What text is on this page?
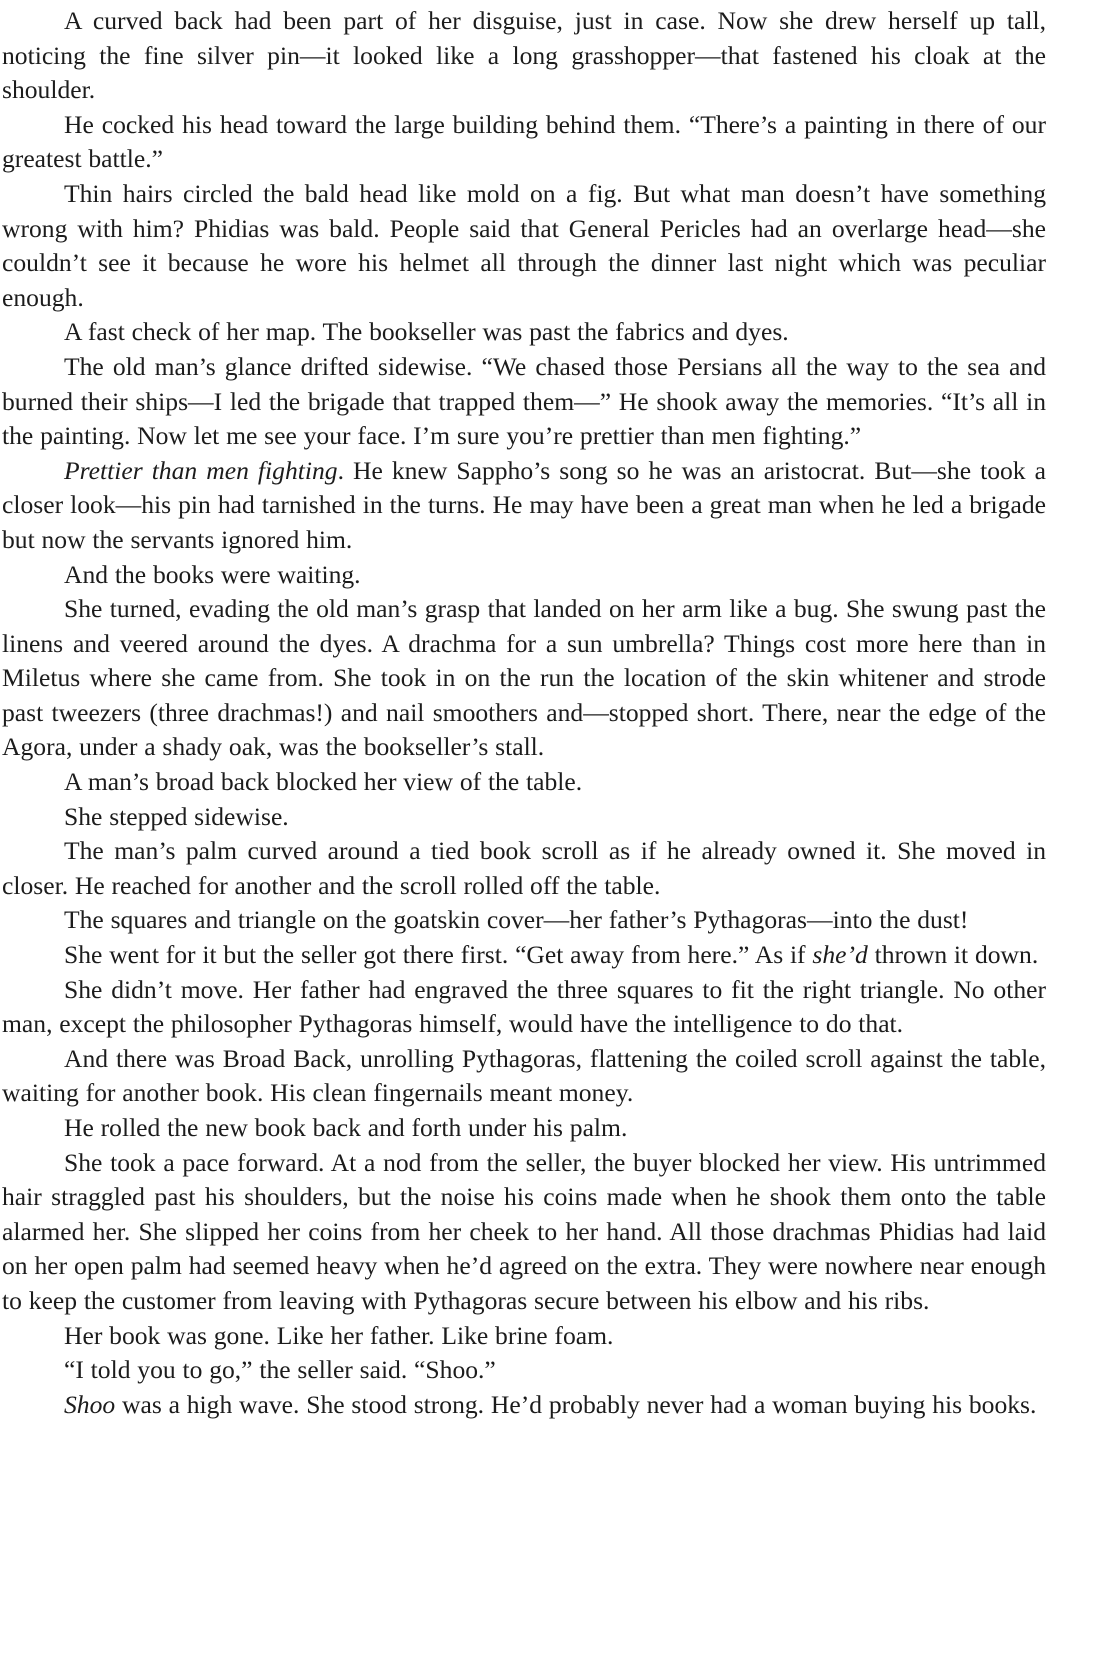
A curved back had been part of her disguise, just in case. Now she drew herself up tall, noticing the fine silver pin—it looked like a long grasshopper—that fastened his cloak at the shoulder.

He cocked his head toward the large building behind them. “There’s a painting in there of our greatest battle.”

Thin hairs circled the bald head like mold on a fig. But what man doesn’t have something wrong with him? Phidias was bald. People said that General Pericles had an overlarge head—she couldn’t see it because he wore his helmet all through the dinner last night which was peculiar enough.

A fast check of her map. The bookseller was past the fabrics and dyes.

The old man’s glance drifted sidewise. “We chased those Persians all the way to the sea and burned their ships—I led the brigade that trapped them—” He shook away the memories. “It’s all in the painting. Now let me see your face. I’m sure you’re prettier than men fighting.”

Prettier than men fighting. He knew Sappho’s song so he was an aristocrat. But—she took a closer look—his pin had tarnished in the turns. He may have been a great man when he led a brigade but now the servants ignored him.

And the books were waiting.

She turned, evading the old man’s grasp that landed on her arm like a bug. She swung past the linens and veered around the dyes. A drachma for a sun umbrella? Things cost more here than in Miletus where she came from. She took in on the run the location of the skin whitener and strode past tweezers (three drachmas!) and nail smoothers and—stopped short. There, near the edge of the Agora, under a shady oak, was the bookseller’s stall.

A man’s broad back blocked her view of the table.

She stepped sidewise.

The man’s palm curved around a tied book scroll as if he already owned it. She moved in closer. He reached for another and the scroll rolled off the table.

The squares and triangle on the goatskin cover—her father’s Pythagoras—into the dust!

She went for it but the seller got there first. “Get away from here.” As if she’d thrown it down.

She didn’t move. Her father had engraved the three squares to fit the right triangle. No other man, except the philosopher Pythagoras himself, would have the intelligence to do that.

And there was Broad Back, unrolling Pythagoras, flattening the coiled scroll against the table, waiting for another book. His clean fingernails meant money.

He rolled the new book back and forth under his palm.

She took a pace forward. At a nod from the seller, the buyer blocked her view. His untrimmed hair straggled past his shoulders, but the noise his coins made when he shook them onto the table alarmed her. She slipped her coins from her cheek to her hand. All those drachmas Phidias had laid on her open palm had seemed heavy when he’d agreed on the extra. They were nowhere near enough to keep the customer from leaving with Pythagoras secure between his elbow and his ribs.

Her book was gone. Like her father. Like brine foam.

“I told you to go,” the seller said. “Shoo.”

Shoo was a high wave. She stood strong. He’d probably never had a woman buying his books.
